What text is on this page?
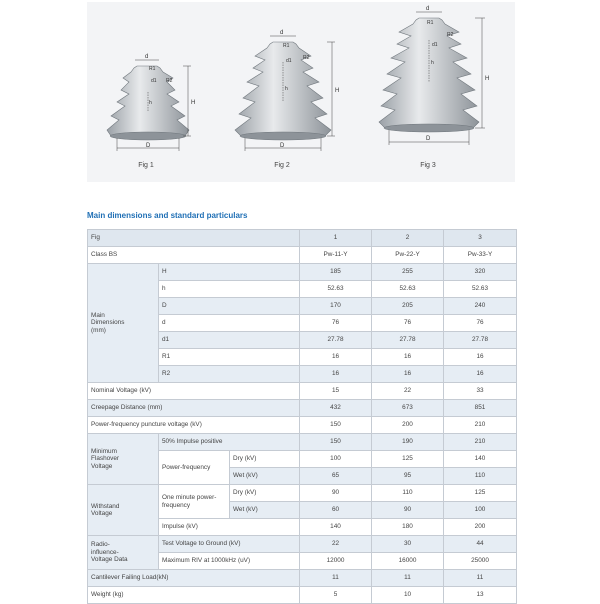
d
R1
R2
d1
h	H
D
d
R1
R2
d1
h	H
D
d
R1
R2
d1
h
H
D
Fig 1	Fig 2	Fig 3
Main dimensions and standard particulars
Fig			1	2	3
Class BS			Pw-11-Y	Pw-22-Y	Pw-33-Y
Main
Dimensions
(mm)	H		185	255	320
	h		52.63	52.63	52.63
	D		170	205	240
	d		76	76	76
	d1		27.78	27.78	27.78
	R1		16	16	16
	R2		16	16	16
Nominal Voltage (kV)			15	22	33
Creepage Distance (mm)			432	673	851
Power-frequency puncture voltage (kV)			150	200	210
Minimum
Flashover
Voltage	50% Impulse positive		150	190	210
	Power-frequency	Dry (kV)	100	125	140
		Wet (kV)	65	95	110
Withstand
Voltage	One minute power-
frequency	Dry (kV)	90	110	125
		Wet (kV)	60	90	100
	Impulse (kV)		140	180	200
Radio-
influence-
Voltage Data	Test Voltage to Ground (kV)		22	30	44
	Maximum RIV at 1000kHz (uV)		12000	16000	25000
Cantilever Failing Load(kN)			11	11	11
Weight (kg)			5	10	13
